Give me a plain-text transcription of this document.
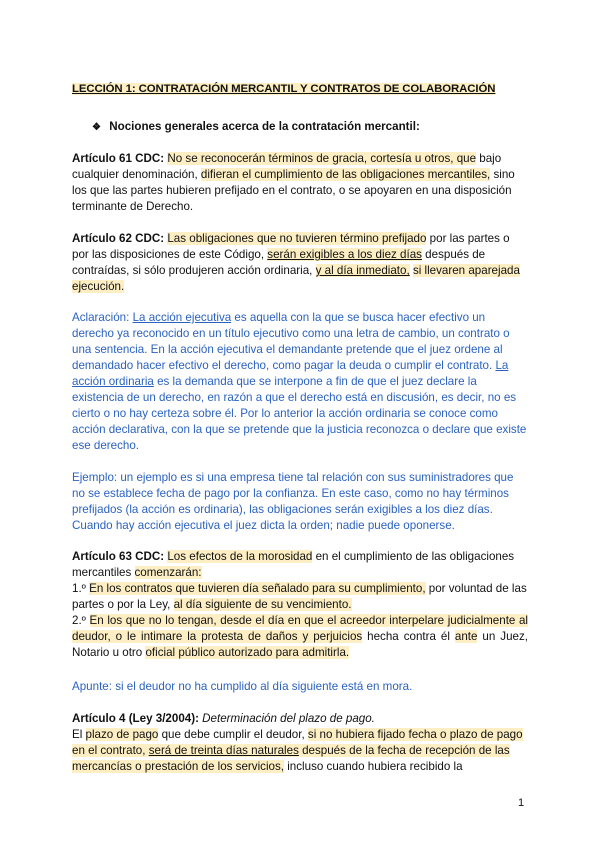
LECCIÓN 1: CONTRATACIÓN MERCANTIL Y CONTRATOS DE COLABORACIÓN
❖ Nociones generales acerca de la contratación mercantil:
Artículo 61 CDC: No se reconocerán términos de gracia, cortesía u otros, que bajo cualquier denominación, difieran el cumplimiento de las obligaciones mercantiles, sino los que las partes hubieren prefijado en el contrato, o se apoyaren en una disposición terminante de Derecho.
Artículo 62 CDC: Las obligaciones que no tuvieren término prefijado por las partes o por las disposiciones de este Código, serán exigibles a los diez días después de contraídas, si sólo produjeren acción ordinaria, y al día inmediato, si llevaren aparejada ejecución.
Aclaración: La acción ejecutiva es aquella con la que se busca hacer efectivo un derecho ya reconocido en un título ejecutivo como una letra de cambio, un contrato o una sentencia. En la acción ejecutiva el demandante pretende que el juez ordene al demandado hacer efectivo el derecho, como pagar la deuda o cumplir el contrato. La acción ordinaria es la demanda que se interpone a fin de que el juez declare la existencia de un derecho, en razón a que el derecho está en discusión, es decir, no es cierto o no hay certeza sobre él. Por lo anterior la acción ordinaria se conoce como acción declarativa, con la que se pretende que la justicia reconozca o declare que existe ese derecho.
Ejemplo: un ejemplo es si una empresa tiene tal relación con sus suministradores que no se establece fecha de pago por la confianza. En este caso, como no hay términos prefijados (la acción es ordinaria), las obligaciones serán exigibles a los diez días. Cuando hay acción ejecutiva el juez dicta la orden; nadie puede oponerse.
Artículo 63 CDC: Los efectos de la morosidad en el cumplimiento de las obligaciones mercantiles comenzarán:
1.º En los contratos que tuvieren día señalado para su cumplimiento, por voluntad de las partes o por la Ley, al día siguiente de su vencimiento.
2.º En los que no lo tengan, desde el día en que el acreedor interpelare judicialmente al deudor, o le intimare la protesta de daños y perjuicios hecha contra él ante un Juez, Notario u otro oficial público autorizado para admitirla.
Apunte: si el deudor no ha cumplido al día siguiente está en mora.
Artículo 4 (Ley 3/2004): Determinación del plazo de pago.
El plazo de pago que debe cumplir el deudor, si no hubiera fijado fecha o plazo de pago en el contrato, será de treinta días naturales después de la fecha de recepción de las mercancías o prestación de los servicios, incluso cuando hubiera recibido la
1
